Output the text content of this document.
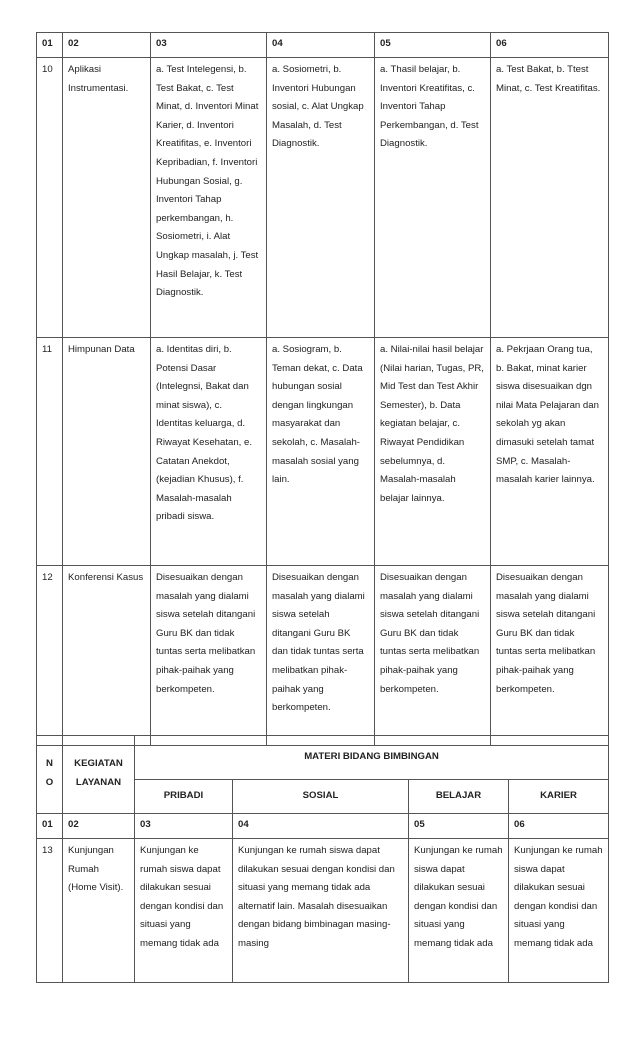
01	02	03	04	05	06
10	Aplikasi Instrumentasi.	a. Test Intelegensi, b. Test Bakat, c. Test Minat, d. Inventori Minat Karier, d. Inventori Kreatifitas, e. Inventori Kepribadian, f. Inventori Hubungan Sosial, g. Inventori Tahap perkembangan, h. Sosiometri, i. Alat Ungkap masalah, j. Test Hasil Belajar, k. Test Diagnostik.	a. Sosiometri, b. Inventori Hubungan sosial, c. Alat Ungkap Masalah, d. Test Diagnostik.	a. Thasil belajar, b. Inventori Kreatifitas, c. Inventori Tahap Perkembangan, d. Test Diagnostik.	a. Test Bakat, b. Ttest Minat, c. Test Kreatifitas.
11	Himpunan Data	a. Identitas diri, b. Potensi Dasar (Intelegnsi, Bakat dan minat siswa), c. Identitas keluarga, d. Riwayat Kesehatan, e. Catatan Anekdot, (kejadian Khusus), f. Masalah-masalah pribadi siswa.	a. Sosiogram, b. Teman dekat, c. Data hubungan sosial dengan lingkungan masyarakat dan sekolah, c. Masalah-masalah sosial yang lain.	a. Nilai-nilai hasil belajar (Nilai harian, Tugas, PR, Mid Test dan Test Akhir Semester), b. Data kegiatan belajar, c. Riwayat Pendidikan sebelumnya, d. Masalah-masalah belajar lainnya.	a. Pekrjaan Orang tua, b. Bakat, minat karier siswa disesuaikan dgn nilai Mata Pelajaran dan sekolah yg akan dimasuki setelah tamat SMP, c. Masalah-masalah karier lainnya.
12	Konferensi Kasus	Disesuaikan dengan masalah yang dialami siswa setelah ditangani Guru BK dan tidak tuntas serta melibatkan pihak-paihak yang berkompeten.	Disesuaikan dengan masalah yang dialami siswa setelah ditangani Guru BK dan tidak tuntas serta melibatkan pihak-paihak yang berkompeten.	Disesuaikan dengan masalah yang dialami siswa setelah ditangani Guru BK dan tidak tuntas serta melibatkan pihak-paihak yang berkompeten.	Disesuaikan dengan masalah yang dialami siswa setelah ditangani Guru BK dan tidak tuntas serta melibatkan pihak-paihak yang berkompeten.
N O	KEGIATAN LAYANAN	MATERI BIDANG BIMBINGAN			
		PRIBADI	SOSIAL	BELAJAR	KARIER
01	02	03	04	05	06
13	Kunjungan Rumah (Home Visit).	Kunjungan ke rumah siswa dapat dilakukan sesuai dengan kondisi dan situasi yang memang tidak ada	Kunjungan ke rumah siswa dapat dilakukan sesuai dengan kondisi dan situasi yang memang tidak ada alternatif lain. Masalah disesuaikan dengan bidang bimbinagan masing-masing	Kunjungan ke rumah siswa dapat dilakukan sesuai dengan kondisi dan situasi yang memang tidak ada	Kunjungan ke rumah siswa dapat dilakukan sesuai dengan kondisi dan situasi yang memang tidak ada
